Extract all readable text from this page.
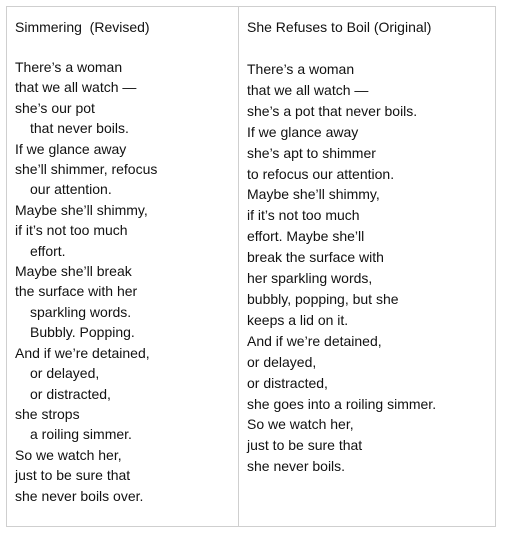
Simmering  (Revised)
There’s a woman
that we all watch —
she’s our pot
that never boils.
If we glance away
she’ll shimmer, refocus
our attention.
Maybe she’ll shimmy,
if it’s not too much
effort.
Maybe she’ll break
the surface with her
sparkling words.
Bubbly. Popping.
And if we’re detained,
or delayed,
or distracted,
she strops
a roiling simmer.
So we watch her,
just to be sure that
she never boils over.
She Refuses to Boil (Original)
There’s a woman
that we all watch —
she’s a pot that never boils.
If we glance away
she’s apt to shimmer
to refocus our attention.
Maybe she’ll shimmy,
if it’s not too much
effort. Maybe she’ll
break the surface with
her sparkling words,
bubbly, popping, but she
keeps a lid on it.
And if we’re detained,
or delayed,
or distracted,
she goes into a roiling simmer.
So we watch her,
just to be sure that
she never boils.
